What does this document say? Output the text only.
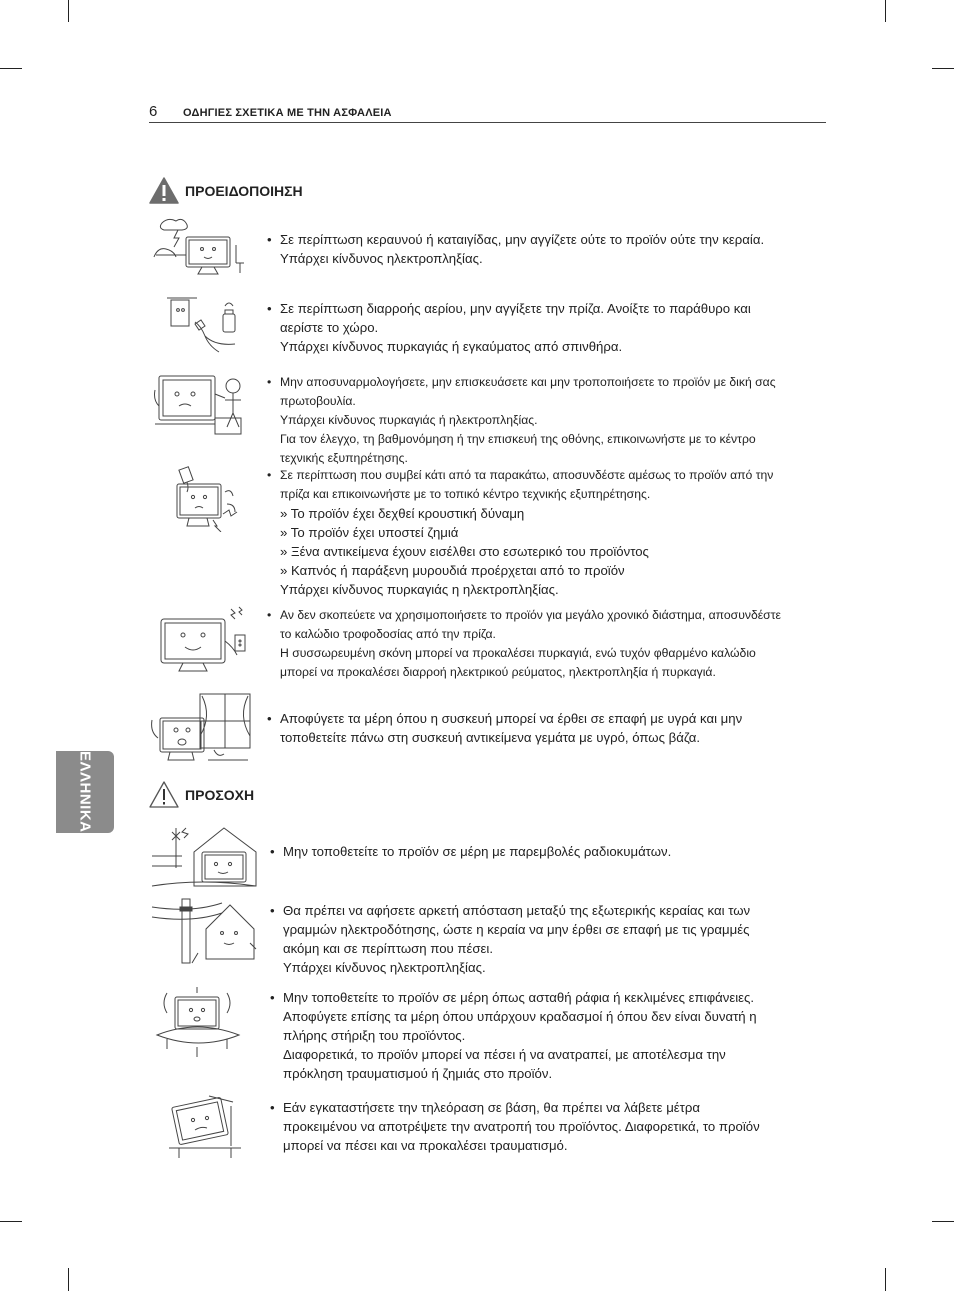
6 ΟΔΗΓΙΕΣ ΣΧΕΤΙΚΑ ΜΕ ΤΗΝ ΑΣΦΑΛΕΙΑ
ΕΛΛΗΝΙΚΑ
ΠΡΟΕΙΔΟΠΟΙΗΣΗ
• Σε περίπτωση κεραυνού ή καταιγίδας, μην αγγίζετε ούτε το προϊόν ούτε την κεραία.

Υπάρχει κίνδυνος ηλεκτροπληξίας.

• Σε περίπτωση διαρροής αερίου, μην αγγίξετε την πρίζα. Ανοίξτε το παράθυρο και

αερίστε το χώρο.

Υπάρχει κίνδυνος πυρκαγιάς ή εγκαύματος από σπινθήρα.

• Μην αποσυναρμολογήσετε, μην επισκευάσετε και μην τροποποιήσετε το προϊόν με δική σας

πρωτοβουλία.

Υπάρχει κίνδυνος πυρκαγιάς ή ηλεκτροπληξίας.

Για τον έλεγχο, τη βαθμονόμηση ή την επισκευή της οθόνης, επικοινωνήστε με το κέντρο

τεχνικής εξυπηρέτησης.

• Σε περίπτωση που συμβεί κάτι από τα παρακάτω, αποσυνδέστε αμέσως το προϊόν από την

πρίζα και επικοινωνήστε με το τοπικό κέντρο τεχνικής εξυπηρέτησης.

» Το προϊόν έχει δεχθεί κρουστική δύναμη

» Το προϊόν έχει υποστεί ζημιά

» Ξένα αντικείμενα έχουν εισέλθει στο εσωτερικό του προϊόντος

» Καπνός ή παράξενη μυρουδιά προέρχεται από το προϊόν

Υπάρχει κίνδυνος πυρκαγιάς η ηλεκτροπληξίας.

• Αν δεν σκοπεύετε να χρησιμοποιήσετε το προϊόν για μεγάλο χρονικό διάστημα, αποσυνδέστε

το καλώδιο τροφοδοσίας από την πρίζα.

Η συσσωρευμένη σκόνη μπορεί να προκαλέσει πυρκαγιά, ενώ τυχόν φθαρμένο καλώδιο

μπορεί να προκαλέσει διαρροή ηλεκτρικού ρεύματος, ηλεκτροπληξία ή πυρκαγιά.

• Αποφύγετε τα μέρη όπου η συσκευή μπορεί να έρθει σε επαφή με υγρά και μην

τοποθετείτε πάνω στη συσκευή αντικείμενα γεμάτα με υγρό, όπως βάζα.

ΠΡΟΣΟΧΗ
• Μην τοποθετείτε το προϊόν σε μέρη με παρεμβολές ραδιοκυμάτων.

• Θα πρέπει να αφήσετε αρκετή απόσταση μεταξύ της εξωτερικής κεραίας και των

γραμμών ηλεκτροδότησης, ώστε η κεραία να μην έρθει σε επαφή με τις γραμμές

ακόμη και σε περίπτωση που πέσει.

Υπάρχει κίνδυνος ηλεκτροπληξίας.

• Μην τοποθετείτε το προϊόν σε μέρη όπως ασταθή ράφια ή κεκλιμένες επιφάνειες.

Αποφύγετε επίσης τα μέρη όπου υπάρχουν κραδασμοί ή όπου δεν είναι δυνατή η

πλήρης στήριξη του προϊόντος.

Διαφορετικά, το προϊόν μπορεί να πέσει ή να ανατραπεί, με αποτέλεσμα την

πρόκληση τραυματισμού ή ζημιάς στο προϊόν.

• Εάν εγκαταστήσετε την τηλεόραση σε βάση, θα πρέπει να λάβετε μέτρα

προκειμένου να αποτρέψετε την ανατροπή του προϊόντος. Διαφορετικά, το προϊόν

μπορεί να πέσει και να προκαλέσει τραυματισμό.
